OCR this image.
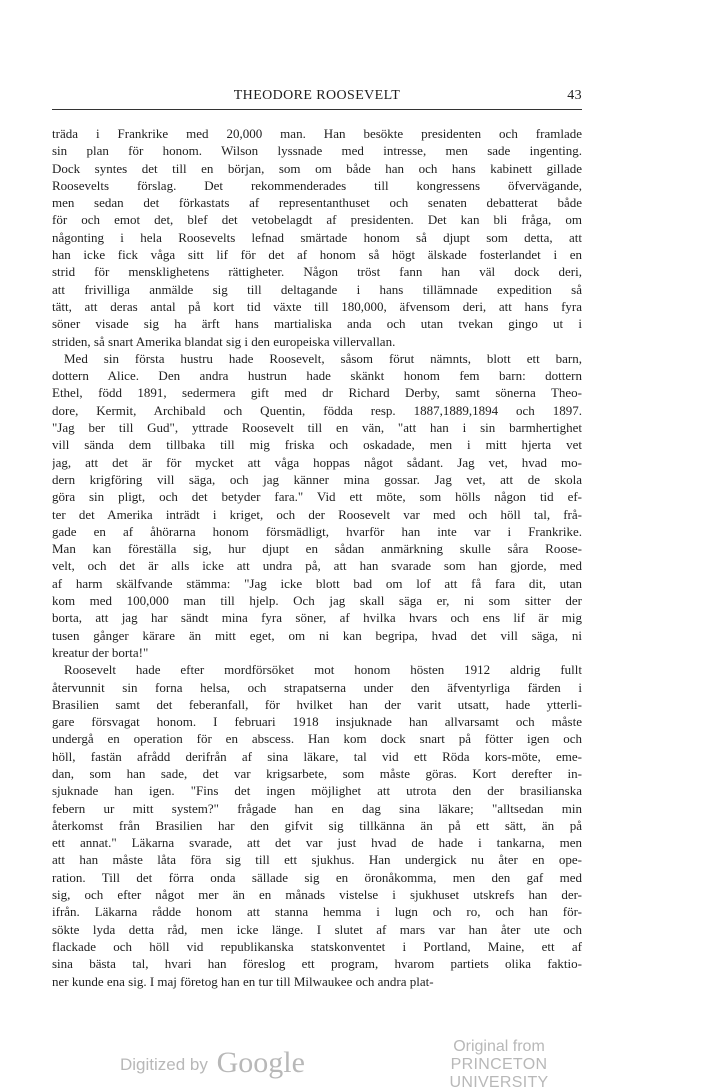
THEODORE ROOSEVELT	43
träda i Frankrike med 20,000 man. Han besökte presidenten och framlade
sin plan för honom. Wilson lyssnade med intresse, men sade ingenting.
Dock syntes det till en början, som om både han och hans kabinett gillade
Roosevelts förslag. Det rekommenderades till kongressens öfvervägande,
men sedan det förkastats af representanthuset och senaten debatterat både
för och emot det, blef det vetobelagdt af presidenten. Det kan bli fråga, om
någonting i hela Roosevelts lefnad smärtade honom så djupt som detta, att
han icke fick våga sitt lif för det af honom så högt älskade fosterlandet i en
strid för mensklighetens rättigheter. Någon tröst fann han väl dock deri,
att frivilliga anmälde sig till deltagande i hans tillämnade expedition så
tätt, att deras antal på kort tid växte till 180,000, äfvensom deri, att hans fyra
söner visade sig ha ärft hans martialiska anda och utan tvekan gingo ut i
striden, så snart Amerika blandat sig i den europeiska villervallan.
Med sin första hustru hade Roosevelt, såsom förut nämnts, blott ett barn,
dottern Alice. Den andra hustrun hade skänkt honom fem barn: dottern
Ethel, född 1891, sedermera gift med dr Richard Derby, samt sönerna Theo-
dore, Kermit, Archibald och Quentin, födda resp. 1887,1889,1894 och 1897.
"Jag ber till Gud", yttrade Roosevelt till en vän, "att han i sin barmhertighet
vill sända dem tillbaka till mig friska och oskadade, men i mitt hjerta vet
jag, att det är för mycket att våga hoppas något sådant. Jag vet, hvad mo-
dern krigföring vill säga, och jag känner mina gossar. Jag vet, att de skola
göra sin pligt, och det betyder fara." Vid ett möte, som hölls någon tid ef-
ter det Amerika inträdt i kriget, och der Roosevelt var med och höll tal, frå-
gade en af åhörarna honom försmädligt, hvarför han inte var i Frankrike.
Man kan föreställa sig, hur djupt en sådan anmärkning skulle såra Roose-
velt, och det är alls icke att undra på, att han svarade som han gjorde, med
af harm skälfvande stämma: "Jag icke blott bad om lof att få fara dit, utan
kom med 100,000 man till hjelp. Och jag skall säga er, ni som sitter der
borta, att jag har sändt mina fyra söner, af hvilka hvars och ens lif är mig
tusen gånger kärare än mitt eget, om ni kan begripa, hvad det vill säga, ni
kreatur der borta!"
Roosevelt hade efter mordförsöket mot honom hösten 1912 aldrig fullt
återvunnit sin forna helsa, och strapatserna under den äfventyrliga färden i
Brasilien samt det feberanfall, för hvilket han der varit utsatt, hade ytterli-
gare försvagat honom. I februari 1918 insjuknade han allvarsamt och måste
undergå en operation för en abscess. Han kom dock snart på fötter igen och
höll, fastän afrådd derifrån af sina läkare, tal vid ett Röda kors-möte, eme-
dan, som han sade, det var krigsarbete, som måste göras. Kort derefter in-
sjuknade han igen. "Fins det ingen möjlighet att utrota den der brasilianska
febern ur mitt system?" frågade han en dag sina läkare; "alltsedan min
återkomst från Brasilien har den gifvit sig tillkänna än på ett sätt, än på
ett annat." Läkarna svarade, att det var just hvad de hade i tankarna, men
att han måste låta föra sig till ett sjukhus. Han undergick nu åter en ope-
ration. Till det förra onda sällade sig en öronåkomma, men den gaf med
sig, och efter något mer än en månads vistelse i sjukhuset utskrefs han der-
ifrån. Läkarna rådde honom att stanna hemma i lugn och ro, och han för-
sökte lyda detta råd, men icke länge. I slutet af mars var han åter ute och
flackade och höll vid republikanska statskonventet i Portland, Maine, ett af
sina bästa tal, hvari han föreslog ett program, hvarom partiets olika faktio-
ner kunde ena sig. I maj företog han en tur till Milwaukee och andra plat-
Digitized by Google	Original from
PRINCETON UNIVERSITY
